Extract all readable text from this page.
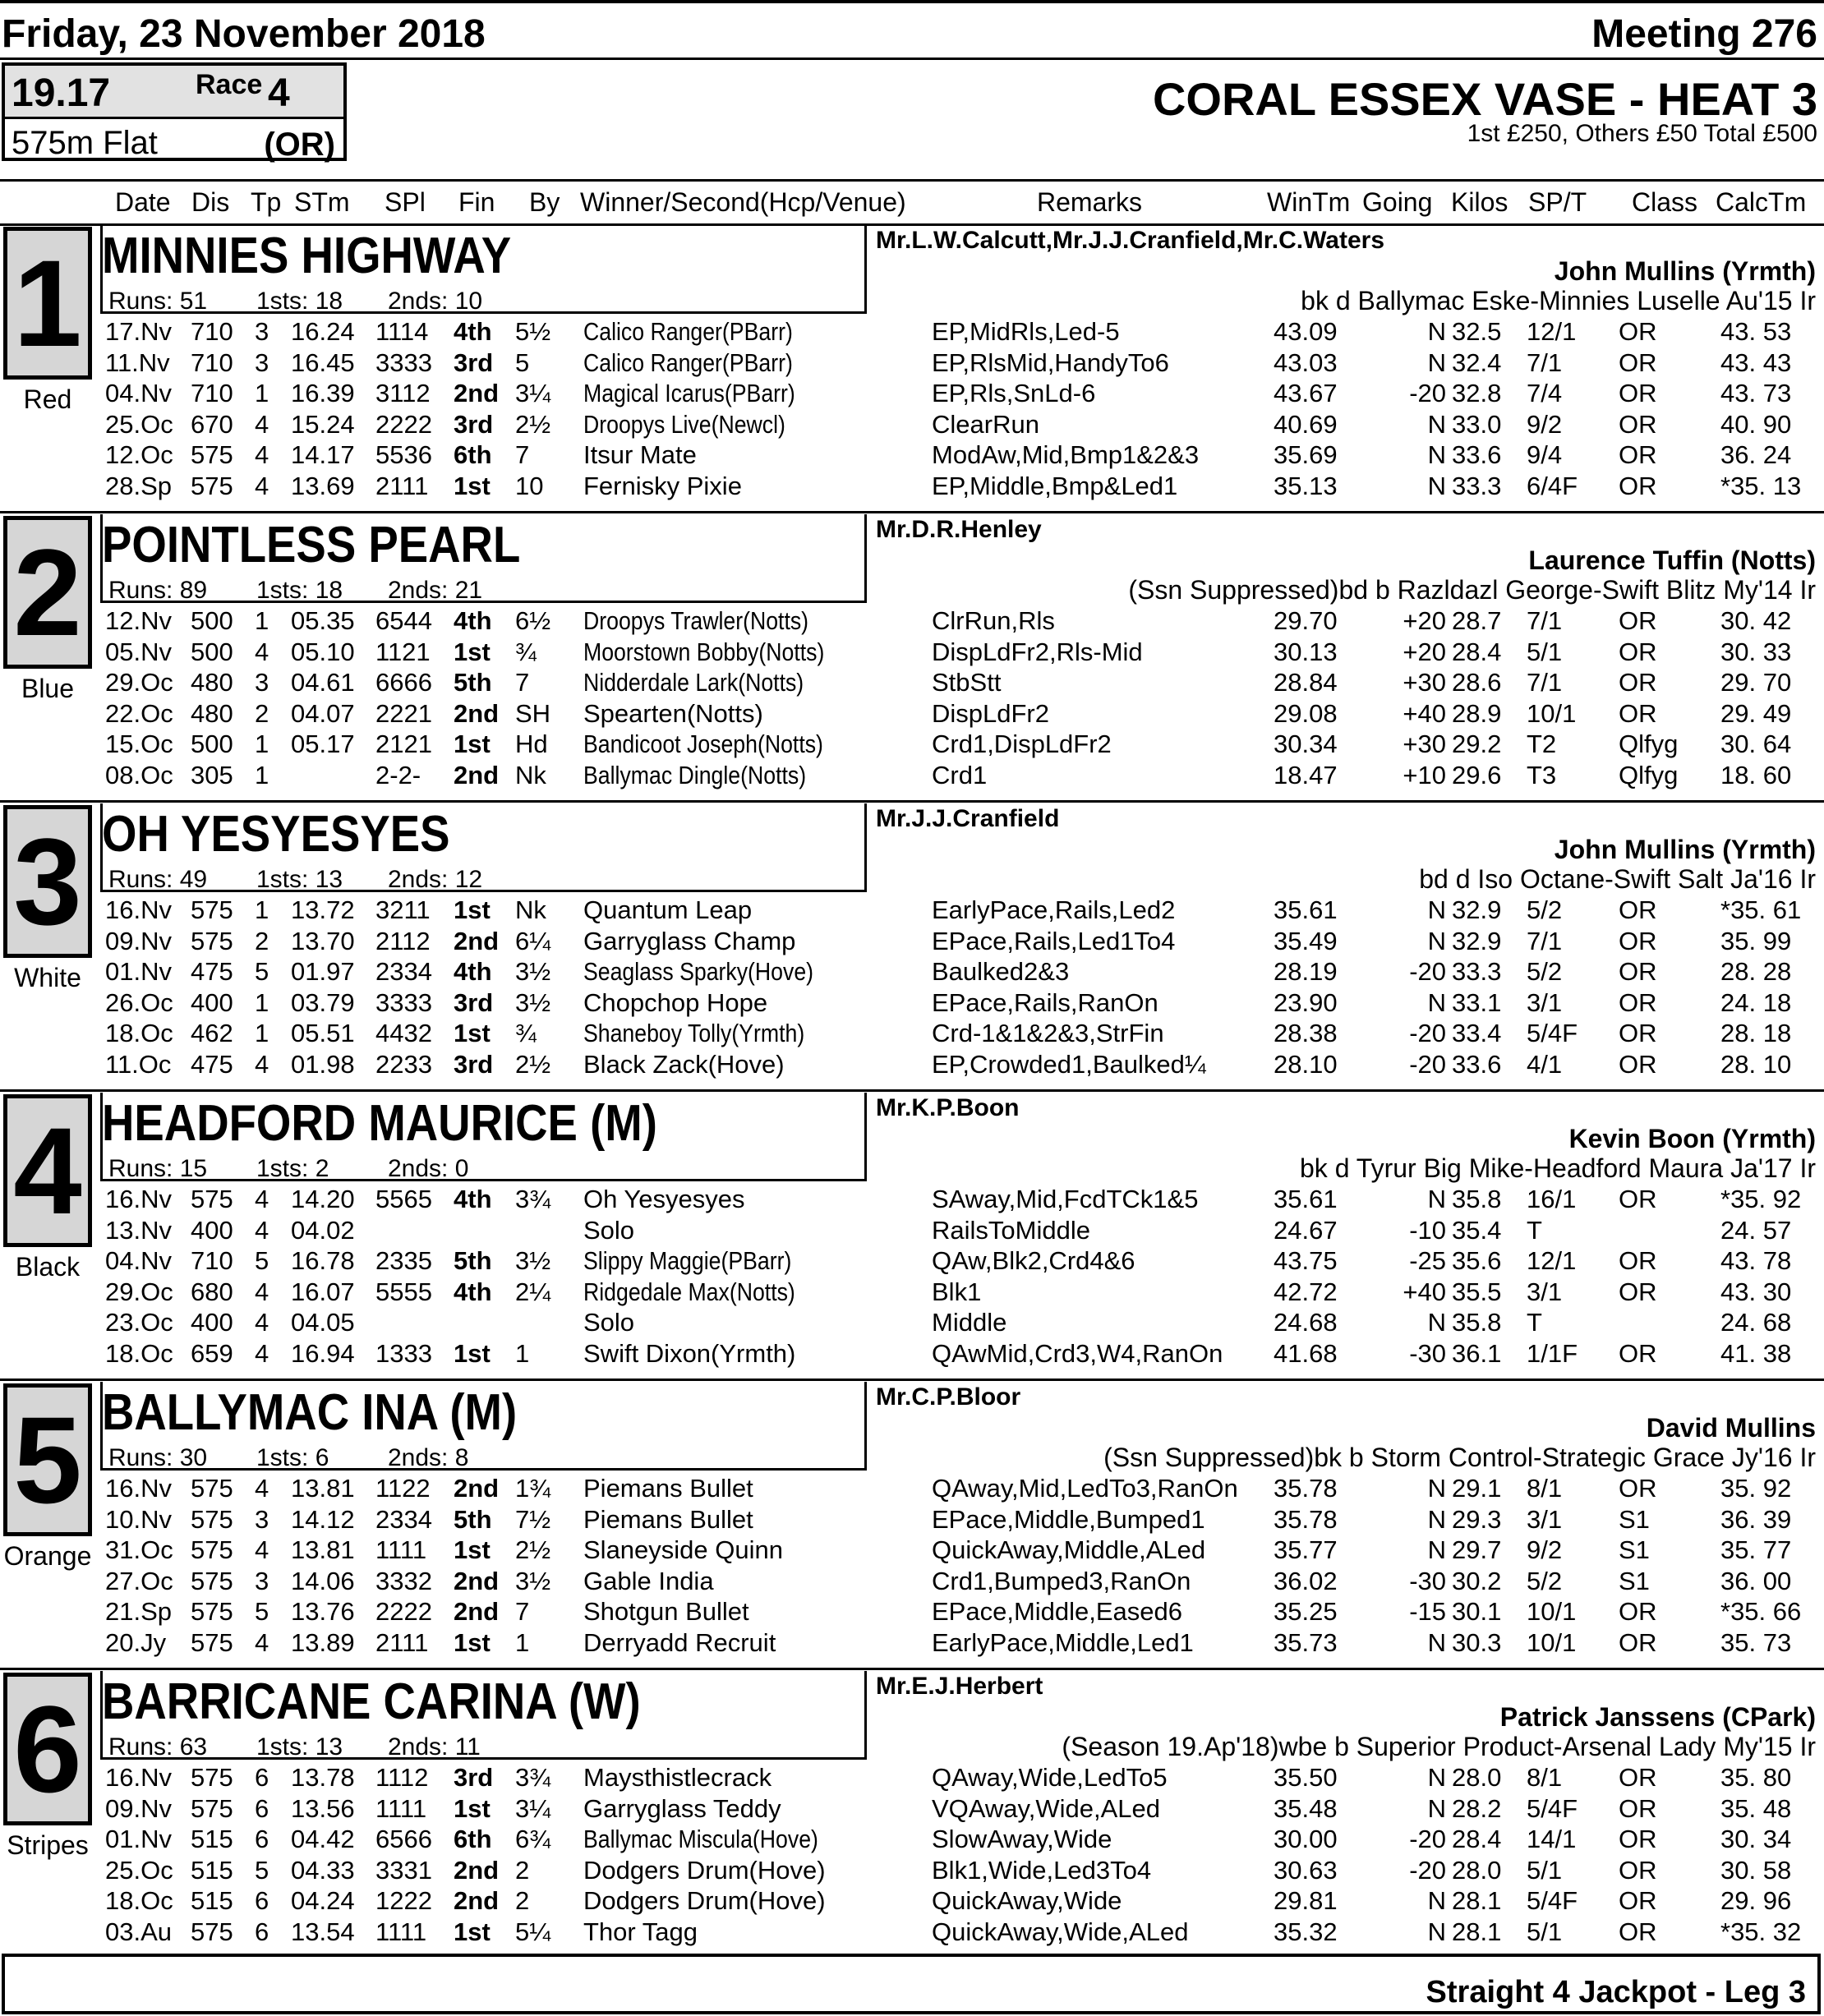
Friday, 23 November 2018	Meeting 276
19.17	Race 4
575m Flat	(OR)
CORAL ESSEX VASE - HEAT 3
1st £250, Others £50 Total £500
Date Dis Tp STm SPl Fin By Winner/Second(Hcp/Venue)	Remarks	WinTm Going Kilos SP/T Class CalcTm
1
Red
MINNIES HIGHWAY
Runs: 51 1sts: 18 2nds: 10
Mr.L.W.Calcutt,Mr.J.J.Cranfield,Mr.C.Waters
John Mullins (Yrmth)
bk d Ballymac Eske-Minnies Luselle Au'15 Ir
17.Nv 710 3 16.24 1114 4th 5½ Calico Ranger(PBarr)	EP,MidRls,Led-5	43.09	N 32.5 12/1 OR	43. 53
11.Nv 710 3 16.45 3333 3rd 5 Calico Ranger(PBarr)	EP,RlsMid,HandyTo6	43.03	N 32.4 7/1 OR	43. 43
04.Nv 710 1 16.39 3112 2nd 3¼ Magical Icarus(PBarr)	EP,Rls,SnLd-6	43.67	-20 32.8 7/4 OR	43. 73
25.Oc 670 4 15.24 2222 3rd 2½ Droopys Live(Newcl)	ClearRun	40.69	N 33.0 9/2 OR	40. 90
12.Oc 575 4 14.17 5536 6th 7 Itsur Mate	ModAw,Mid,Bmp1&2&3	35.69	N 33.6 9/4 OR	36. 24
28.Sp 575 4 13.69 2111 1st 10 Fernisky Pixie	EP,Middle,Bmp&Led1	35.13	N 33.3 6/4F OR	*35. 13
2
Blue
POINTLESS PEARL
Runs: 89 1sts: 18 2nds: 21
Mr.D.R.Henley
Laurence Tuffin (Notts)
(Ssn Suppressed)bd b Razldazl George-Swift Blitz My'14 Ir
12.Nv 500 1 05.35 6544 4th 6½ Droopys Trawler(Notts)	ClrRun,Rls	29.70	+20 28.7 7/1 OR	30. 42
05.Nv 500 4 05.10 1121 1st ¾ Moorstown Bobby(Notts)	DispLdFr2,Rls-Mid	30.13	+20 28.4 5/1 OR	30. 33
29.Oc 480 3 04.61 6666 5th 7 Nidderdale Lark(Notts)	StbStt	28.84	+30 28.6 7/1 OR	29. 70
22.Oc 480 2 04.07 2221 2nd SH Spearten(Notts)	DispLdFr2	29.08	+40 28.9 10/1 OR	29. 49
15.Oc 500 1 05.17 2121 1st Hd Bandicoot Joseph(Notts)	Crd1,DispLdFr2	30.34	+30 29.2 T2 Qlfyg 30. 64
08.Oc 305 1	2-2- 2nd Nk Ballymac Dingle(Notts)	Crd1	18.47	+10 29.6 T3 Qlfyg 18. 60
3
White
OH YESYESYES
Runs: 49 1sts: 13 2nds: 12
Mr.J.J.Cranfield
John Mullins (Yrmth)
bd d Iso Octane-Swift Salt Ja'16 Ir
16.Nv 575 1 13.72 3211 1st Nk Quantum Leap	EarlyPace,Rails,Led2	35.61	N 32.9 5/2 OR	*35. 61
09.Nv 575 2 13.70 2112 2nd 6¼ Garryglass Champ	EPace,Rails,Led1To4	35.49	N 32.9 7/1 OR	35. 99
01.Nv 475 5 01.97 2334 4th 3½ Seaglass Sparky(Hove)	Baulked2&3	28.19	-20 33.3 5/2 OR	28. 28
26.Oc 400 1 03.79 3333 3rd 3½ Chopchop Hope	EPace,Rails,RanOn	23.90	N 33.1 3/1 OR	24. 18
18.Oc 462 1 05.51 4432 1st ¾ Shaneboy Tolly(Yrmth)	Crd-1&1&2&3,StrFin	28.38	-20 33.4 5/4F OR	28. 18
11.Oc 475 4 01.98 2233 3rd 2½ Black Zack(Hove)	EP,Crowded1,Baulked¼	28.10	-20 33.6 4/1 OR	28. 10
4
Black
HEADFORD MAURICE (M)
Runs: 15 1sts: 2 2nds: 0
Mr.K.P.Boon
Kevin Boon (Yrmth)
bk d Tyrur Big Mike-Headford Maura Ja'17 Ir
16.Nv 575 4 14.20 5565 4th 3¾ Oh Yesyesyes	SAway,Mid,FcdTCk1&5	35.61	N 35.8 16/1 OR	*35. 92
13.Nv 400 4 04.02	Solo	RailsToMiddle	24.67	-10 35.4 T	24. 57
04.Nv 710 5 16.78 2335 5th 3½ Slippy Maggie(PBarr)	QAw,Blk2,Crd4&6	43.75	-25 35.6 12/1 OR	43. 78
29.Oc 680 4 16.07 5555 4th 2¼ Ridgedale Max(Notts)	Blk1	42.72	+40 35.5 3/1 OR	43. 30
23.Oc 400 4 04.05	Solo	Middle	24.68	N 35.8 T	24. 68
18.Oc 659 4 16.94 1333 1st 1 Swift Dixon(Yrmth)	QAwMid,Crd3,W4,RanOn 41.68	-30 36.1 1/1F OR	41. 38
5
Orange
BALLYMAC INA (M)
Runs: 30 1sts: 6 2nds: 8
Mr.C.P.Bloor
David Mullins
(Ssn Suppressed)bk b Storm Control-Strategic Grace Jy'16 Ir
16.Nv 575 4 13.81 1122 2nd 1¾ Piemans Bullet	QAway,Mid,LedTo3,RanOn 35.78	N 29.1 8/1 OR	35. 92
10.Nv 575 3 14.12 2334 5th 7½ Piemans Bullet	EPace,Middle,Bumped1	35.78	N 29.3 3/1 S1	36. 39
31.Oc 575 4 13.81 1111 1st 2½ Slaneyside Quinn	QuickAway,Middle,ALed	35.77	N 29.7 9/2 S1	35. 77
27.Oc 575 3 14.06 3332 2nd 3½ Gable India	Crd1,Bumped3,RanOn	36.02	-30 30.2 5/2 S1	36. 00
21.Sp 575 5 13.76 2222 2nd 7 Shotgun Bullet	EPace,Middle,Eased6	35.25	-15 30.1 10/1 OR	*35. 66
20.Jy 575 4 13.89 2111 1st 1 Derryadd Recruit	EarlyPace,Middle,Led1	35.73	N 30.3 10/1 OR	35. 73
6
Stripes
BARRICANE CARINA (W)
Runs: 63 1sts: 13 2nds: 11
Mr.E.J.Herbert
Patrick Janssens (CPark)
(Season 19.Ap'18)wbe b Superior Product-Arsenal Lady My'15 Ir
16.Nv 575 6 13.78 1112 3rd 3¾ Maysthistlecrack	QAway,Wide,LedTo5	35.50	N 28.0 8/1 OR	35. 80
09.Nv 575 6 13.56 1111 1st 3¼ Garryglass Teddy	VQAway,Wide,ALed	35.48	N 28.2 5/4F OR	35. 48
01.Nv 515 6 04.42 6566 6th 6¾ Ballymac Miscula(Hove)	SlowAway,Wide	30.00	-20 28.4 14/1 OR	30. 34
25.Oc 515 5 04.33 3331 2nd 2 Dodgers Drum(Hove)	Blk1,Wide,Led3To4	30.63	-20 28.0 5/1 OR	30. 58
18.Oc 515 6 04.24 1222 2nd 2 Dodgers Drum(Hove)	QuickAway,Wide	29.81	N 28.1 5/4F OR	29. 96
03.Au 575 6 13.54 1111 1st 5¼ Thor Tagg	QuickAway,Wide,ALed	35.32	N 28.1 5/1 OR	*35. 32
Straight 4 Jackpot - Leg 3
